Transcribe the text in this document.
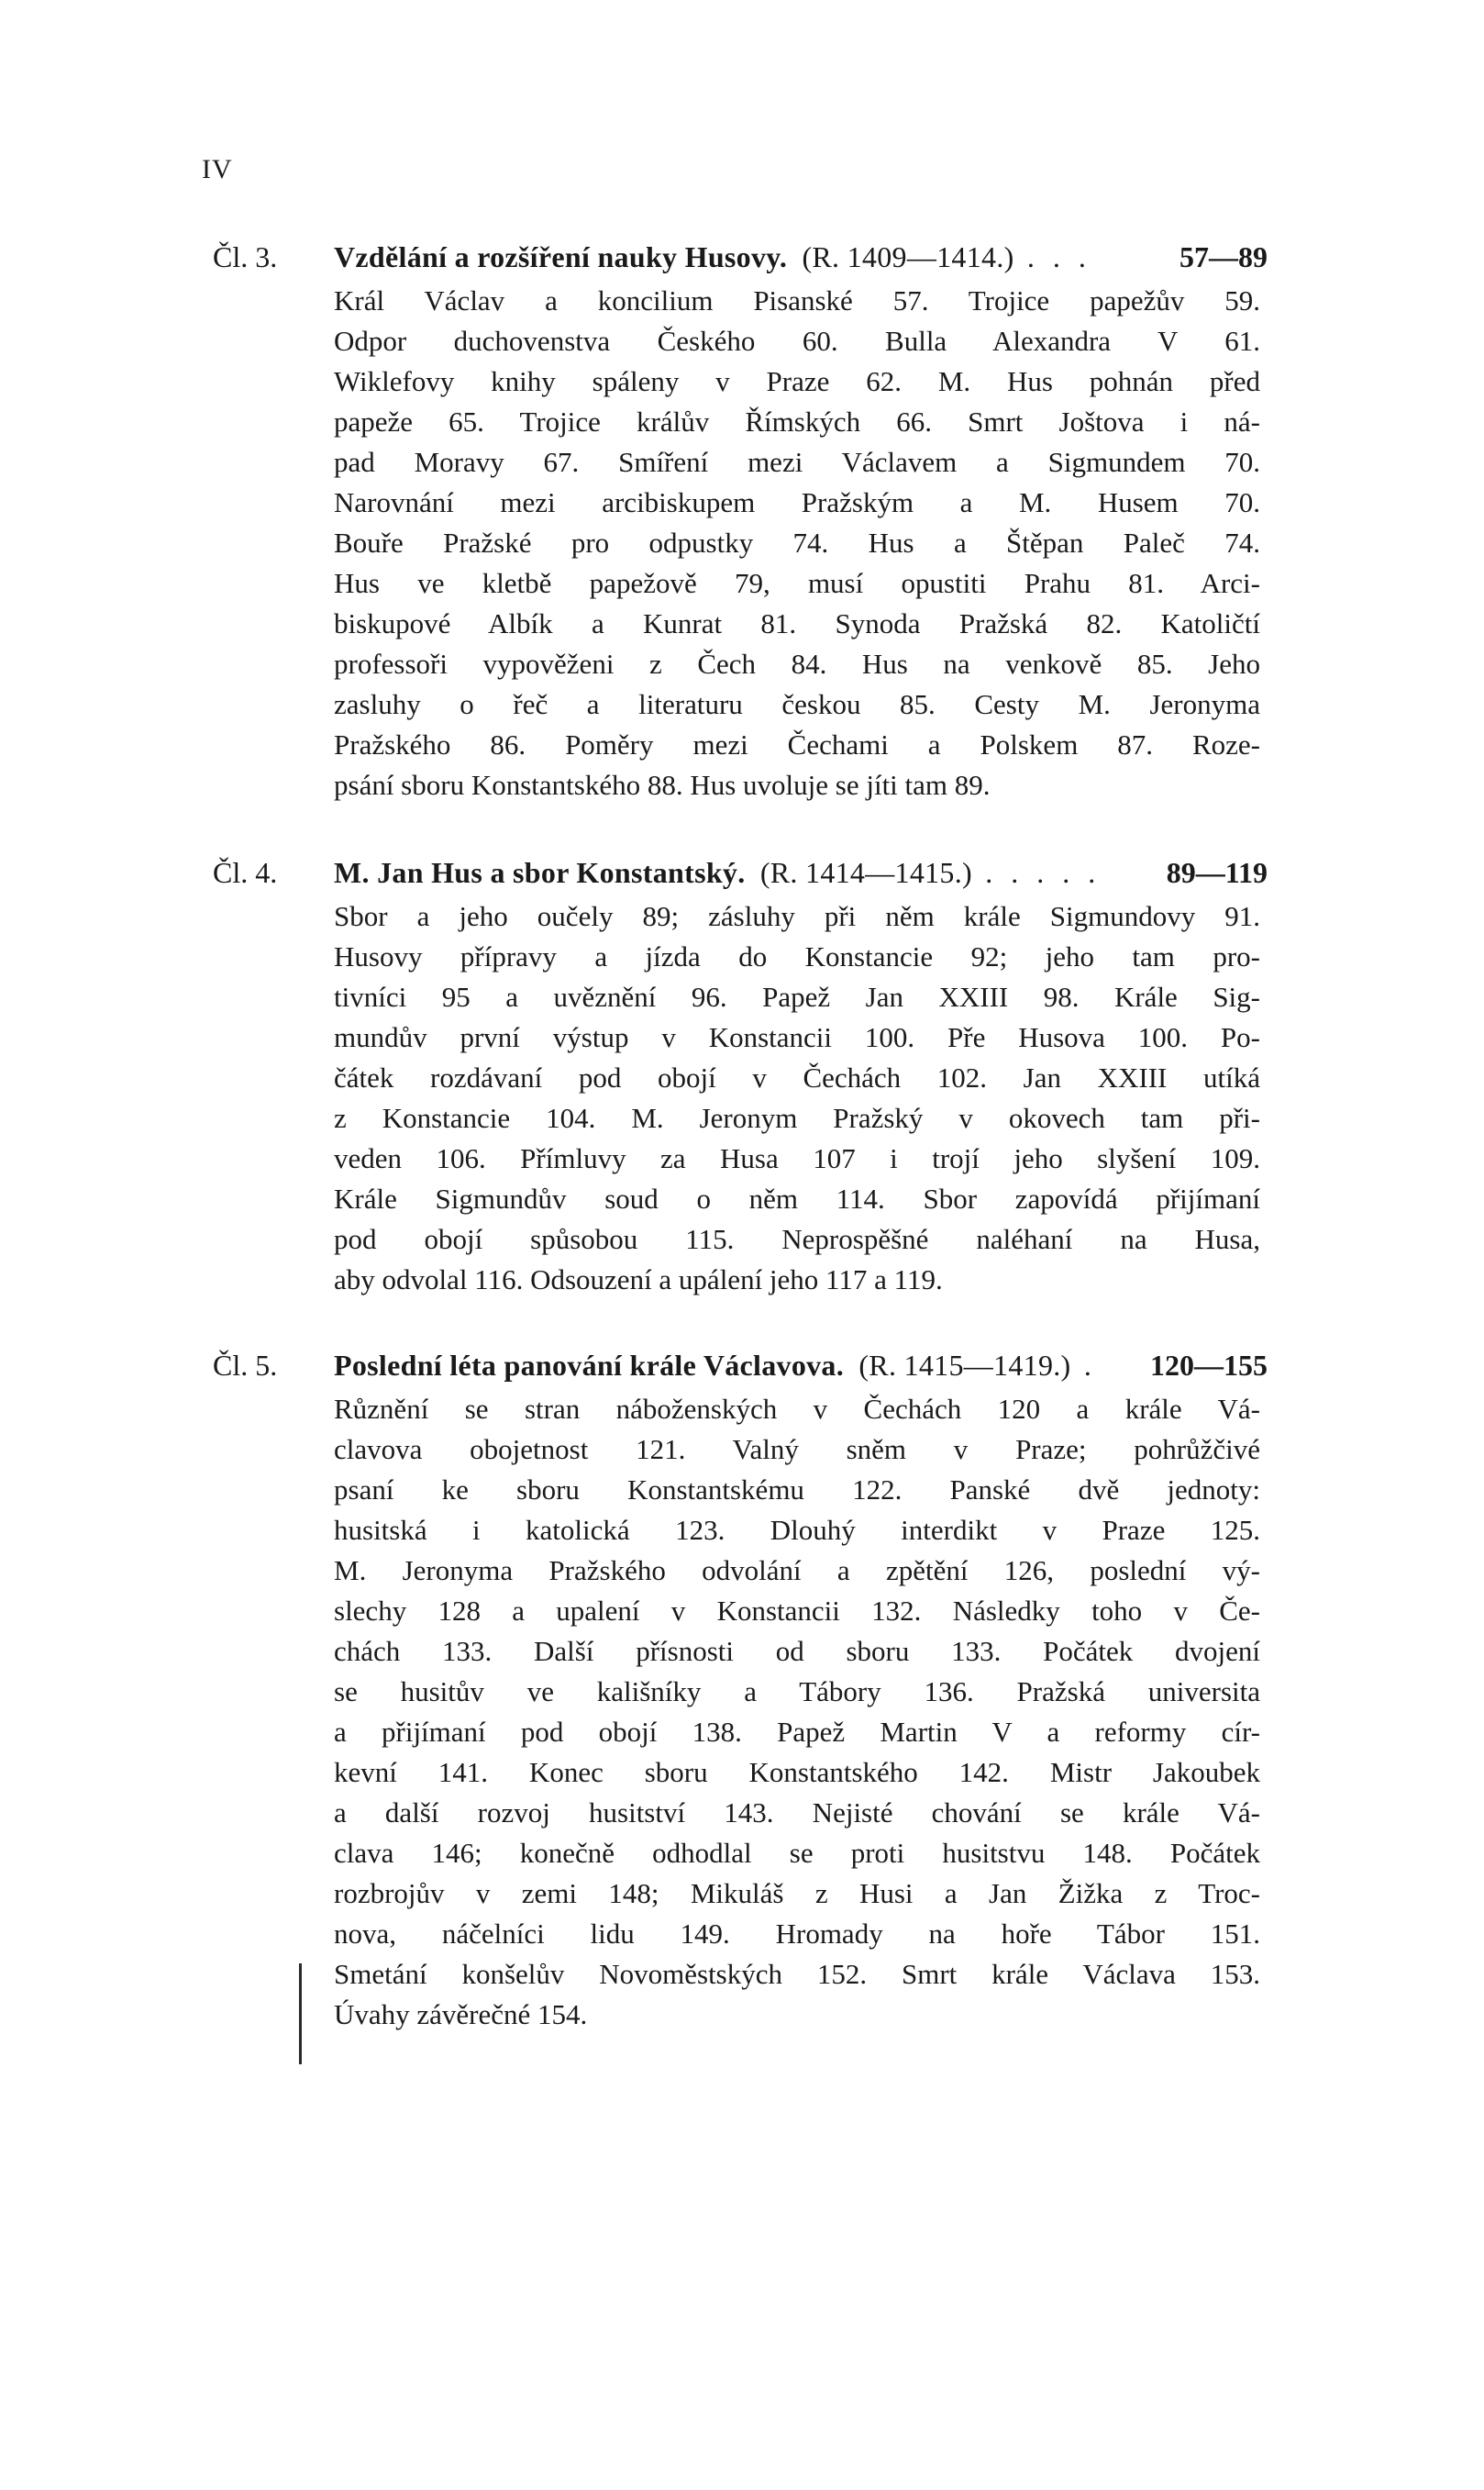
IV
Čl. 3. Vzdělání a rozšíření nauky Husovy. (R. 1409—1414.) . . .	57—89
Král Václav a koncilium Pisanské 57. Trojice papežův 59.
Odpor duchovenstva Českého 60. Bulla Alexandra V 61.
Wiklefovy knihy spáleny v Praze 62. M. Hus pohnán před
papeže 65. Trojice králův Římských 66. Smrt Joštova i ná-
pad Moravy 67. Smíření mezi Václavem a Sigmundem 70.
Narovnání mezi arcibiskupem Pražským a M. Husem 70.
Bouře Pražské pro odpustky 74. Hus a Štěpan Paleč 74.
Hus ve kletbě papežově 79, musí opustiti Prahu 81. Arci-
biskupové Albík a Kunrat 81. Synoda Pražská 82. Katoličtí
professoři vypověženi z Čech 84. Hus na venkově 85. Jeho
zasluhy o řeč a literaturu českou 85. Cesty M. Jeronyma
Pražského 86. Poměry mezi Čechami a Polskem 87. Roze-
psání sboru Konstantského 88. Hus uvoluje se jíti tam 89.
Čl. 4. M. Jan Hus a sbor Konstantský. (R. 1414—1415.) . . . . . 89—119
Sbor a jeho oučely 89; zásluhy při něm krále Sigmundovy 91.
Husovy přípravy a jízda do Konstancie 92; jeho tam pro-
tivníci 95 a uvěznění 96. Papež Jan XXIII 98. Krále Sig-
mundův první výstup v Konstancii 100. Pře Husova 100. Po-
čátek rozdávaní pod obojí v Čechách 102. Jan XXIII utíká
z Konstancie 104. M. Jeronym Pražský v okovech tam při-
veden 106. Přímluvy za Husa 107 i trojí jeho slyšení 109.
Krále Sigmundův soud o něm 114. Sbor zapovídá přijímaní
pod obojí spůsobou 115. Neprospěšné naléhaní na Husa,
aby odvolal 116. Odsouzení a upálení jeho 117 a 119.
Čl. 5. Poslední léta panování krále Václavova. (R. 1415—1419.) . 120—155
Různění se stran náboženských v Čechách 120 a krále Vá-
clavova obojetnost 121. Valný sněm v Praze; pohrůžčivé
psaní ke sboru Konstantskému 122. Panské dvě jednoty:
husitská i katolická 123. Dlouhý interdikt v Praze 125.
M. Jeronyma Pražského odvolání a zpětění 126, poslední vý-
slechy 128 a upalení v Konstancii 132. Následky toho v Če-
chách 133. Další přísnosti od sboru 133. Počátek dvojení
se husitův ve kališníky a Tábory 136. Pražská universita
a přijímaní pod obojí 138. Papež Martin V a reformy cír-
kevní 141. Konec sboru Konstantského 142. Mistr Jakoubek
a další rozvoj husitství 143. Nejisté chování se krále Vá-
clava 146; konečně odhodlal se proti husitstvu 148. Počátek
rozbrojův v zemi 148; Mikuláš z Husi a Jan Žižka z Troc-
nova, náčelníci lidu 149. Hromady na hoře Tábor 151.
Smetání konšelův Novoměstských 152. Smrt krále Václava 153.
Úvahy závěrečné 154.
